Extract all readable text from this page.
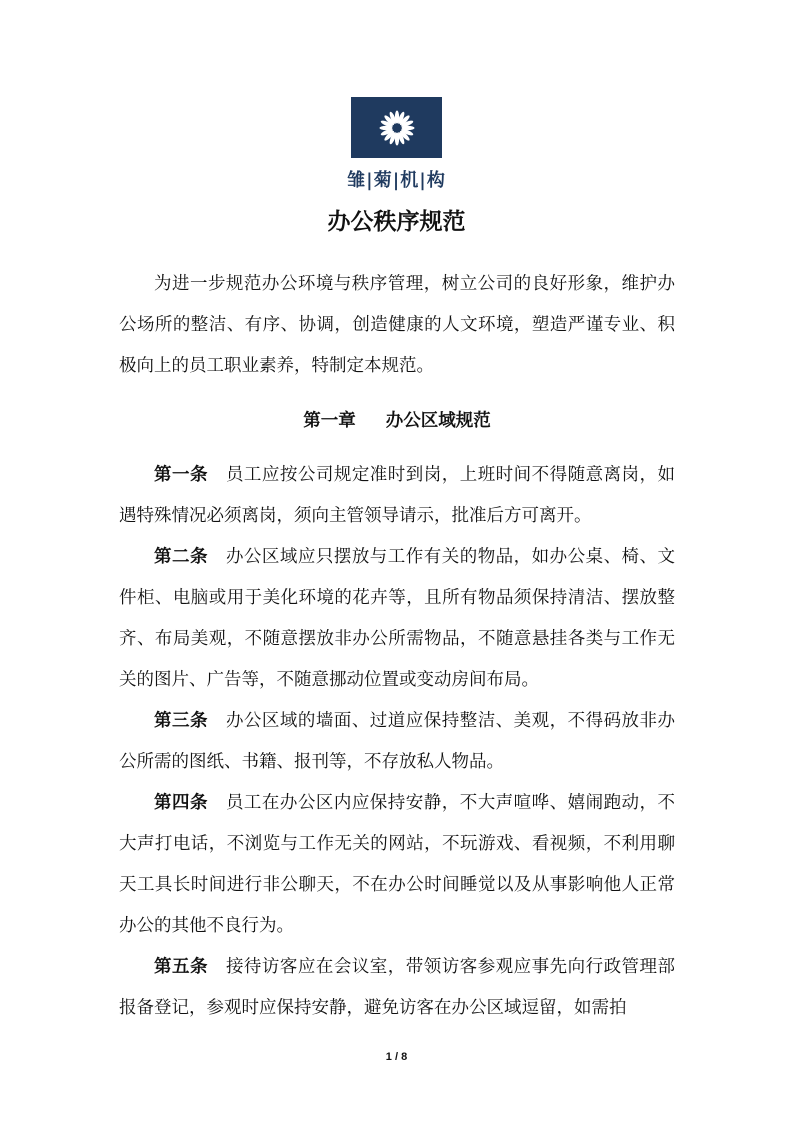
雏|菊|机|构
办公秩序规范

为进一步规范办公环境与秩序管理，树立公司的良好形象，维护办公场所的整洁、有序、协调，创造健康的人文环境，塑造严谨专业、积极向上的员工职业素养，特制定本规范。

第一章 办公区域规范

第一条 员工应按公司规定准时到岗，上班时间不得随意离岗，如遇特殊情况必须离岗，须向主管领导请示，批准后方可离开。

第二条 办公区域应只摆放与工作有关的物品，如办公桌、椅、文件柜、电脑或用于美化环境的花卉等，且所有物品须保持清洁、摆放整齐、布局美观，不随意摆放非办公所需物品，不随意悬挂各类与工作无关的图片、广告等，不随意挪动位置或变动房间布局。

第三条 办公区域的墙面、过道应保持整洁、美观，不得码放非办公所需的图纸、书籍、报刊等，不存放私人物品。

第四条 员工在办公区内应保持安静，不大声喧哗、嬉闹跑动，不大声打电话，不浏览与工作无关的网站，不玩游戏、看视频，不利用聊天工具长时间进行非公聊天，不在办公时间睡觉以及从事影响他人正常办公的其他不良行为。

第五条 接待访客应在会议室，带领访客参观应事先向行政管理部报备登记，参观时应保持安静，避免访客在办公区域逗留，如需拍

1 / 8
